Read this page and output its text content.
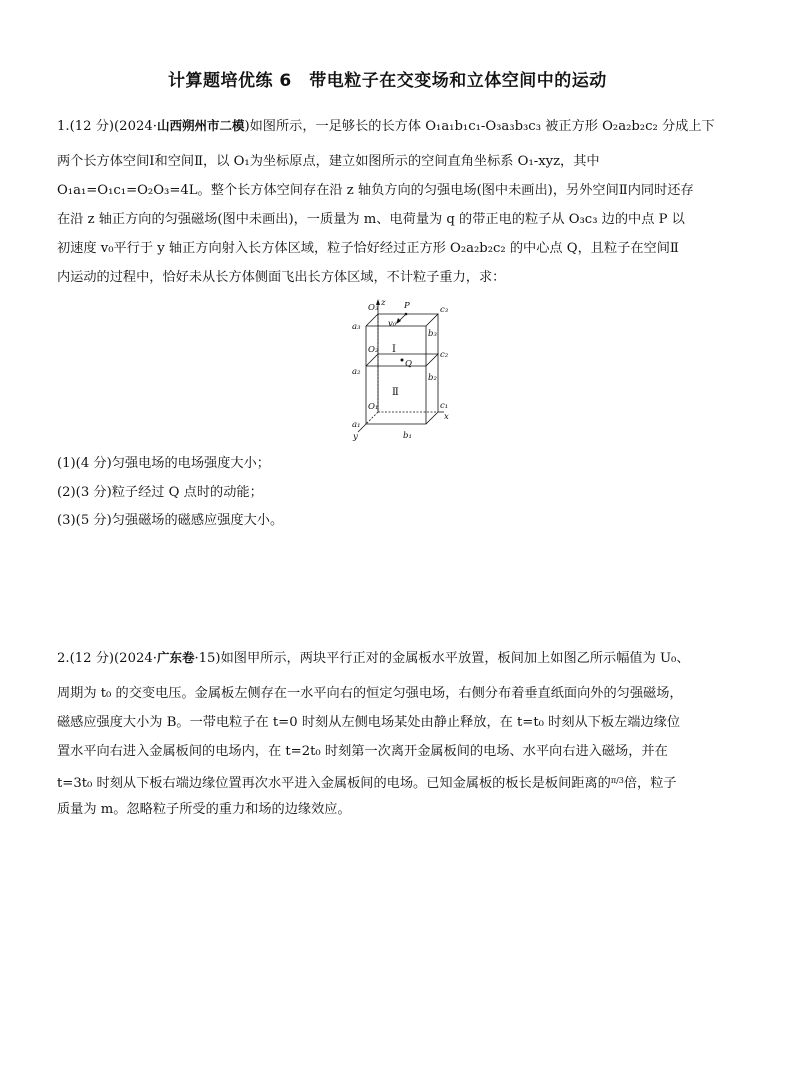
计算题培优练 6　带电粒子在交变场和立体空间中的运动
1.(12 分)(2024·山西朔州市二模)如图所示，一足够长的长方体 O₁a₁b₁c₁-O₃a₃b₃c₃ 被正方形 O₂a₂b₂c₂ 分成上下
两个长方体空间Ⅰ和空间Ⅱ，以 O₁为坐标原点，建立如图所示的空间直角坐标系 O₁-xyz，其中
O₁a₁=O₁c₁=O₂O₃=4L。整个长方体空间存在沿 z 轴负方向的匀强电场(图中未画出)，另外空间Ⅱ内同时还存
在沿 z 轴正方向的匀强磁场(图中未画出)，一质量为 m、电荷量为 q 的带正电的粒子从 O₃c₃ 边的中点 P 以
初速度 v₀平行于 y 轴正方向射入长方体区域，粒子恰好经过正方形 O₂a₂b₂c₂ 的中心点 Q，且粒子在空间Ⅱ
内运动的过程中，恰好未从长方体侧面飞出长方体区域，不计粒子重力，求：
O₃ z P	c₃
a₃	v₀
b₃
O₂ Ⅰ	c₂
Q
a₂
b₂
Ⅱ
O₁	c₁
x
a₁
y	b₁
(1)(4 分)匀强电场的电场强度大小；
(2)(3 分)粒子经过 Q 点时的动能；
(3)(5 分)匀强磁场的磁感应强度大小。
2.(12 分)(2024·广东卷·15)如图甲所示，两块平行正对的金属板水平放置，板间加上如图乙所示幅值为 U₀、
周期为 t₀ 的交变电压。金属板左侧存在一水平向右的恒定匀强电场，右侧分布着垂直纸面向外的匀强磁场，
磁感应强度大小为 B。一带电粒子在 t=0 时刻从左侧电场某处由静止释放，在 t=t₀ 时刻从下板左端边缘位
置水平向右进入金属板间的电场内，在 t=2t₀ 时刻第一次离开金属板间的电场、水平向右进入磁场，并在
t=3t₀ 时刻从下板右端边缘位置再次水平进入金属板间的电场。已知金属板的板长是板间距离的$^{\pi/3}$倍，粒子
质量为 m。忽略粒子所受的重力和场的边缘效应。
